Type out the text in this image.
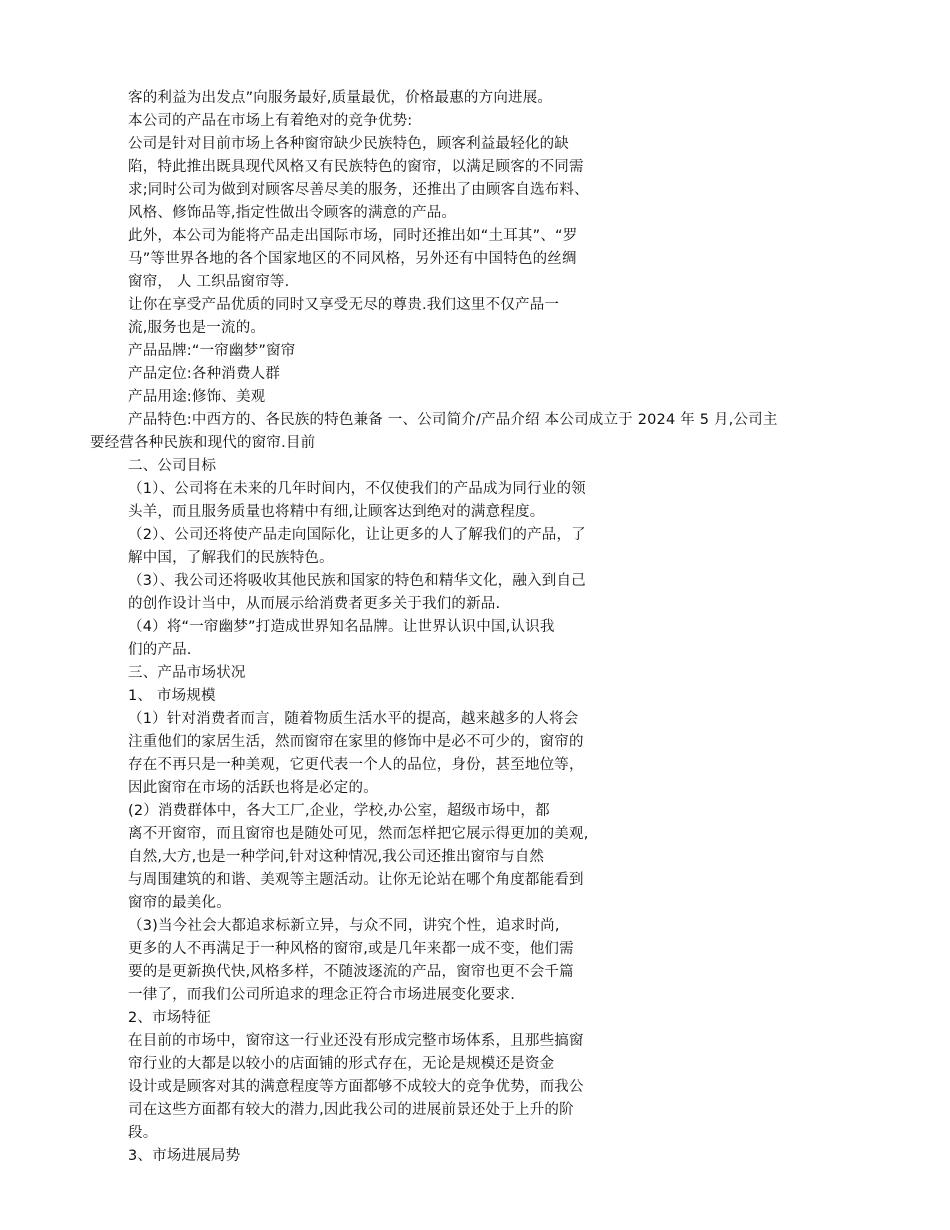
客的利益为出发点”向服务最好,质量最优，价格最惠的方向进展。
本公司的产品在市场上有着绝对的竞争优势:
公司是针对目前市场上各种窗帘缺少民族特色，顾客利益最轻化的缺
陷，特此推出既具现代风格又有民族特色的窗帘，以满足顾客的不同需
求;同时公司为做到对顾客尽善尽美的服务，还推出了由顾客自选布料、
风格、修饰品等,指定性做出令顾客的满意的产品。
此外，本公司为能将产品走出国际市场，同时还推出如“土耳其”、“罗
马”等世界各地的各个国家地区的不同风格，另外还有中国特色的丝绸
窗帘， 人 工织品窗帘等.
让你在享受产品优质的同时又享受无尽的尊贵.我们这里不仅产品一
流,服务也是一流的。
产品品牌:“一帘幽梦”窗帘
产品定位:各种消费人群
产品用途:修饰、美观
产品特色:中西方的、各民族的特色兼备 一、公司简介/产品介绍 本公司成立于 2024 年 5 月,公司主
要经营各种民族和现代的窗帘.目前
二、公司目标
（1）、公司将在未来的几年时间内，不仅使我们的产品成为同行业的领
头羊，而且服务质量也将精中有细,让顾客达到绝对的满意程度。
（2）、公司还将使产品走向国际化，让让更多的人了解我们的产品，了
解中国，了解我们的民族特色。
（3）、我公司还将吸收其他民族和国家的特色和精华文化，融入到自己
的创作设计当中，从而展示给消费者更多关于我们的新品.
（4）将“一帘幽梦”打造成世界知名品牌。让世界认识中国,认识我
们的产品.
三、产品市场状况
1、 市场规模
（1）针对消费者而言，随着物质生活水平的提高，越来越多的人将会
注重他们的家居生活，然而窗帘在家里的修饰中是必不可少的，窗帘的
存在不再只是一种美观，它更代表一个人的品位，身份，甚至地位等，
因此窗帘在市场的活跃也将是必定的。
(2）消费群体中，各大工厂,企业，学校,办公室，超级市场中，都
离不开窗帘，而且窗帘也是随处可见，然而怎样把它展示得更加的美观,
自然,大方,也是一种学问,针对这种情况,我公司还推出窗帘与自然
与周围建筑的和谐、美观等主题活动。让你无论站在哪个角度都能看到
窗帘的最美化。
（3)当今社会大都追求标新立异，与众不同，讲究个性，追求时尚,
更多的人不再满足于一种风格的窗帘,或是几年来都一成不变，他们需
要的是更新换代快,风格多样，不随波逐流的产品，窗帘也更不会千篇
一律了，而我们公司所追求的理念正符合市场进展变化要求.
2、市场特征
在目前的市场中，窗帘这一行业还没有形成完整市场体系，且那些搞窗
帘行业的大都是以较小的店面铺的形式存在，无论是规模还是资金
设计或是顾客对其的满意程度等方面都够不成较大的竞争优势，而我公
司在这些方面都有较大的潜力,因此我公司的进展前景还处于上升的阶
段。
3、市场进展局势
